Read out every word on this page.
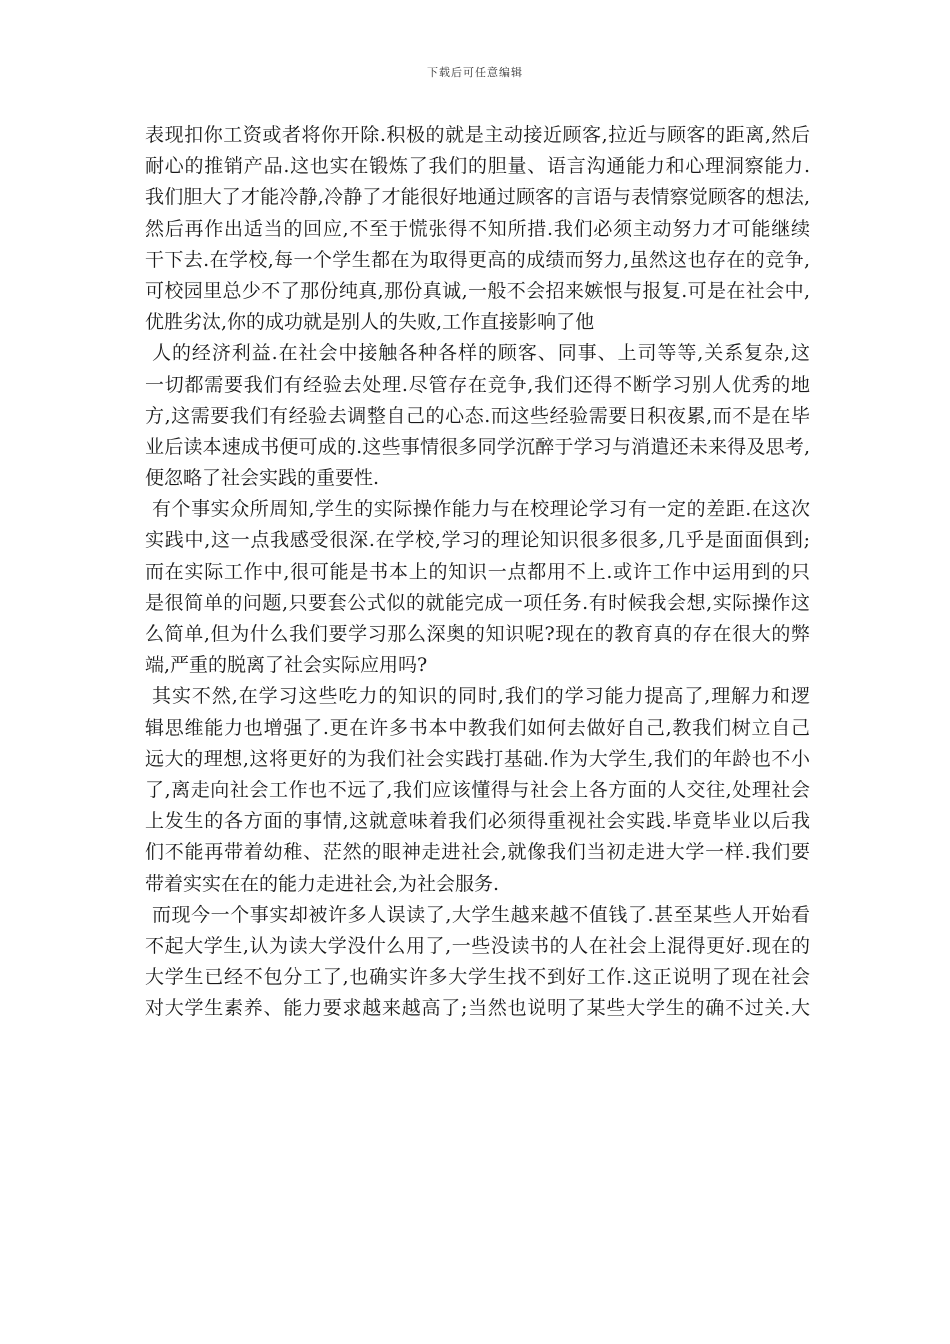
下载后可任意编辑
表现扣你工资或者将你开除.积极的就是主动接近顾客,拉近与顾客的距离,然后
耐心的推销产品.这也实在锻炼了我们的胆量、语言沟通能力和心理洞察能力.
我们胆大了才能冷静,冷静了才能很好地通过顾客的言语与表情察觉顾客的想法,
然后再作出适当的回应,不至于慌张得不知所措.我们必须主动努力才可能继续
干下去.在学校,每一个学生都在为取得更高的成绩而努力,虽然这也存在的竞争,
可校园里总少不了那份纯真,那份真诚,一般不会招来嫉恨与报复.可是在社会中,
优胜劣汰,你的成功就是别人的失败,工作直接影响了他
人的经济利益.在社会中接触各种各样的顾客、同事、上司等等,关系复杂,这
一切都需要我们有经验去处理.尽管存在竞争,我们还得不断学习别人优秀的地
方,这需要我们有经验去调整自己的心态.而这些经验需要日积夜累,而不是在毕
业后读本速成书便可成的.这些事情很多同学沉醉于学习与消遣还未来得及思考,
便忽略了社会实践的重要性.
有个事实众所周知,学生的实际操作能力与在校理论学习有一定的差距.在这次
实践中,这一点我感受很深.在学校,学习的理论知识很多很多,几乎是面面俱到;
而在实际工作中,很可能是书本上的知识一点都用不上.或许工作中运用到的只
是很简单的问题,只要套公式似的就能完成一项任务.有时候我会想,实际操作这
么简单,但为什么我们要学习那么深奥的知识呢?现在的教育真的存在很大的弊
端,严重的脱离了社会实际应用吗?
其实不然,在学习这些吃力的知识的同时,我们的学习能力提高了,理解力和逻
辑思维能力也增强了.更在许多书本中教我们如何去做好自己,教我们树立自己
远大的理想,这将更好的为我们社会实践打基础.作为大学生,我们的年龄也不小
了,离走向社会工作也不远了,我们应该懂得与社会上各方面的人交往,处理社会
上发生的各方面的事情,这就意味着我们必须得重视社会实践.毕竟毕业以后我
们不能再带着幼稚、茫然的眼神走进社会,就像我们当初走进大学一样.我们要
带着实实在在的能力走进社会,为社会服务.
而现今一个事实却被许多人误读了,大学生越来越不值钱了.甚至某些人开始看
不起大学生,认为读大学没什么用了,一些没读书的人在社会上混得更好.现在的
大学生已经不包分工了,也确实许多大学生找不到好工作.这正说明了现在社会
对大学生素养、能力要求越来越高了;当然也说明了某些大学生的确不过关.大
